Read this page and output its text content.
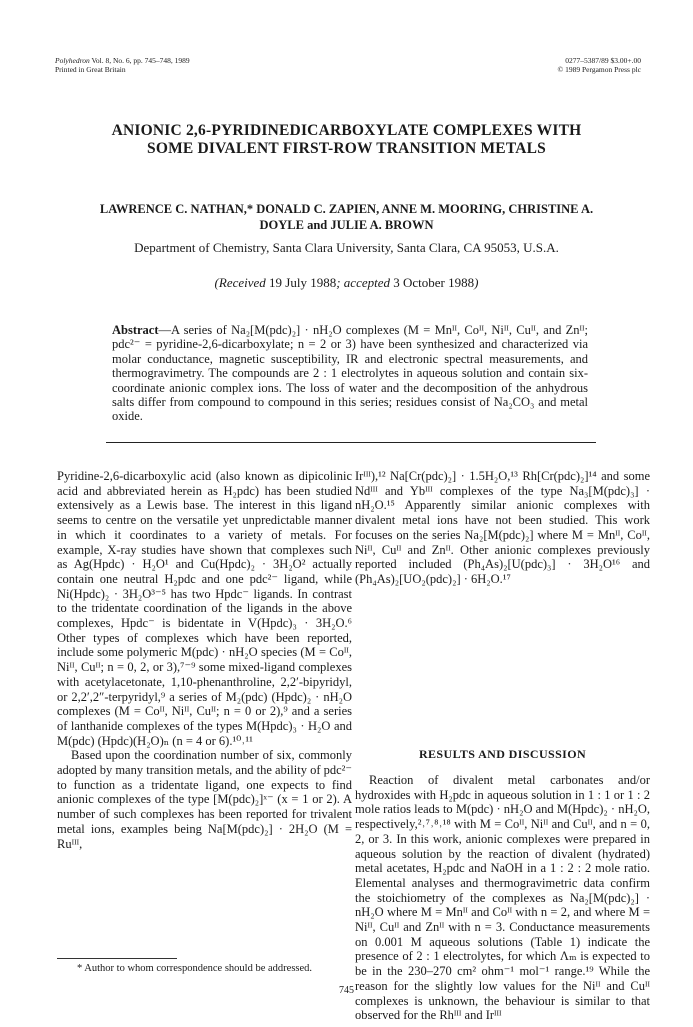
Polyhedron Vol. 8, No. 6, pp. 745–748, 1989
Printed in Great Britain
0277–5387/89 $3.00+.00
© 1989 Pergamon Press plc
ANIONIC 2,6-PYRIDINEDICARBOXYLATE COMPLEXES WITH SOME DIVALENT FIRST-ROW TRANSITION METALS
LAWRENCE C. NATHAN,* DONALD C. ZAPIEN, ANNE M. MOORING, CHRISTINE A. DOYLE and JULIE A. BROWN
Department of Chemistry, Santa Clara University, Santa Clara, CA 95053, U.S.A.
(Received 19 July 1988; accepted 3 October 1988)
Abstract—A series of Na₂[M(pdc)₂] · nH₂O complexes (M = Mnᴵᴵ, Coᴵᴵ, Niᴵᴵ, Cuᴵᴵ, and Znᴵᴵ; pdc²⁻ = pyridine-2,6-dicarboxylate; n = 2 or 3) have been synthesized and characterized via molar conductance, magnetic susceptibility, IR and electronic spectral measurements, and thermogravimetry. The compounds are 2 : 1 electrolytes in aqueous solution and contain six-coordinate anionic complex ions. The loss of water and the decomposition of the anhydrous salts differ from compound to compound in this series; residues consist of Na₂CO₃ and metal oxide.

Pyridine-2,6-dicarboxylic acid (also known as dipicolinic acid and abbreviated herein as H₂pdc) has been studied extensively as a Lewis base. The interest in this ligand seems to centre on the versatile yet unpredictable manner in which it coordinates to a variety of metals. For example, X-ray studies have shown that complexes such as Ag(Hpdc) · H₂O¹ and Cu(Hpdc)₂ · 3H₂O² actually contain one neutral H₂pdc and one pdc²⁻ ligand, while Ni(Hpdc)₂ · 3H₂O³⁻⁵ has two Hpdc⁻ ligands. In contrast to the tridentate coordination of the ligands in the above complexes, Hpdc⁻ is bidentate in V(Hpdc)₃ · 3H₂O.⁶ Other types of complexes which have been reported, include some polymeric M(pdc) · nH₂O species (M = Coᴵᴵ, Niᴵᴵ, Cuᴵᴵ; n = 0, 2, or 3),⁷⁻⁹ some mixed-ligand complexes with acetylacetonate, 1,10-phenanthroline, 2,2′-bipyridyl, or 2,2′,2″-terpyridyl,⁹ a series of M₂(pdc) (Hpdc)₂ · nH₂O complexes (M = Coᴵᴵ, Niᴵᴵ, Cuᴵᴵ; n = 0 or 2),⁹ and a series of lanthanide complexes of the types M(Hpdc)₃ · H₂O and M(pdc) (Hpdc)(H₂O)ₙ (n = 4 or 6).¹⁰˒¹¹

Based upon the coordination number of six, commonly adopted by many transition metals, and the ability of pdc²⁻ to function as a tridentate ligand, one expects to find anionic complexes of the type [M(pdc)₂]ˣ⁻ (x = 1 or 2). A number of such complexes has been reported for trivalent metal ions, examples being Na[M(pdc)₂] · 2H₂O (M = Ruᴵᴵᴵ,

Irᴵᴵᴵ),¹² Na[Cr(pdc)₂] · 1.5H₂O,¹³ Rh[Cr(pdc)₂]¹⁴ and some Ndᴵᴵᴵ and Ybᴵᴵᴵ complexes of the type Na₃[M(pdc)₃] · nH₂O.¹⁵ Apparently similar anionic complexes with divalent metal ions have not been studied. This work focuses on the series Na₂[M(pdc)₂] where M = Mnᴵᴵ, Coᴵᴵ, Niᴵᴵ, Cuᴵᴵ and Znᴵᴵ. Other anionic complexes previously reported included (Ph₄As)₂[U(pdc)₃] · 3H₂O¹⁶ and (Ph₄As)₂[UO₂(pdc)₂] · 6H₂O.¹⁷

RESULTS AND DISCUSSION

Reaction of divalent metal carbonates and/or hydroxides with H₂pdc in aqueous solution in 1 : 1 or 1 : 2 mole ratios leads to M(pdc) · nH₂O and M(Hpdc)₂ · nH₂O, respectively,²˒⁷˒⁸˒¹⁸ with M = Coᴵᴵ, Niᴵᴵ and Cuᴵᴵ, and n = 0, 2, or 3. In this work, anionic complexes were prepared in aqueous solution by the reaction of divalent (hydrated) metal acetates, H₂pdc and NaOH in a 1 : 2 : 2 mole ratio. Elemental analyses and thermogravimetric data confirm the stoichiometry of the complexes as Na₂[M(pdc)₂] · nH₂O where M = Mnᴵᴵ and Coᴵᴵ with n = 2, and where M = Niᴵᴵ, Cuᴵᴵ and Znᴵᴵ with n = 3. Conductance measurements on 0.001 M aqueous solutions (Table 1) indicate the presence of 2 : 1 electrolytes, for which Λₘ is expected to be in the 230–270 cm² ohm⁻¹ mol⁻¹ range.¹⁹ While the reason for the slightly low values for the Niᴵᴵ and Cuᴵᴵ complexes is unknown, the behaviour is similar to that observed for the Rhᴵᴵᴵ and Irᴵᴵᴵ

* Author to whom correspondence should be addressed.
745
